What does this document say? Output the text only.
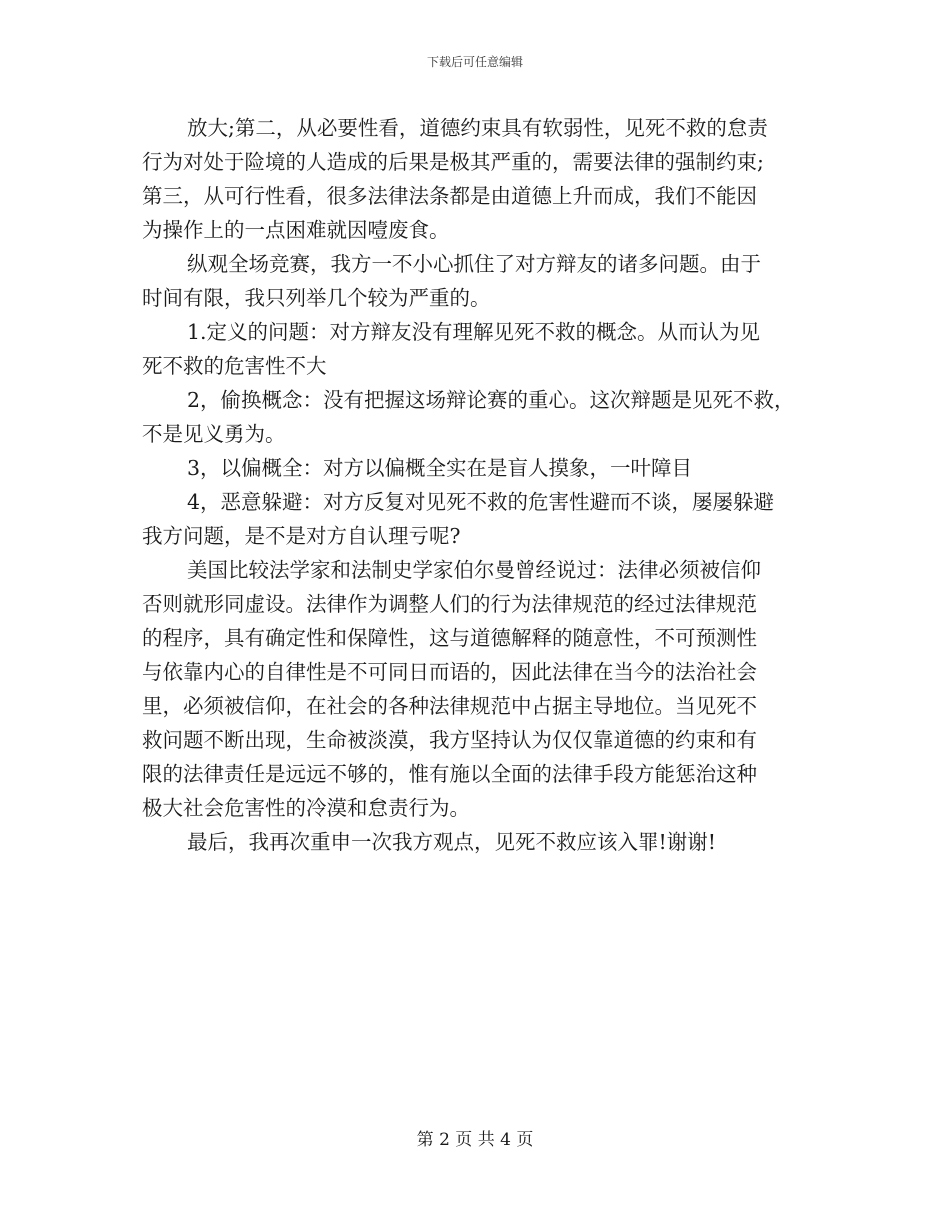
下载后可任意编辑
放大;第二，从必要性看，道德约束具有软弱性，见死不救的怠责
行为对处于险境的人造成的后果是极其严重的，需要法律的强制约束;
第三，从可行性看，很多法律法条都是由道德上升而成，我们不能因
为操作上的一点困难就因噎废食。
纵观全场竞赛，我方一不小心抓住了对方辩友的诸多问题。由于
时间有限，我只列举几个较为严重的。
1.定义的问题：对方辩友没有理解见死不救的概念。从而认为见
死不救的危害性不大
2，偷换概念：没有把握这场辩论赛的重心。这次辩题是见死不救，
不是见义勇为。
3，以偏概全：对方以偏概全实在是盲人摸象，一叶障目
4，恶意躲避：对方反复对见死不救的危害性避而不谈，屡屡躲避
我方问题，是不是对方自认理亏呢?
美国比较法学家和法制史学家伯尔曼曾经说过：法律必须被信仰
否则就形同虚设。法律作为调整人们的行为法律规范的经过法律规范
的程序，具有确定性和保障性，这与道德解释的随意性，不可预测性
与依靠内心的自律性是不可同日而语的，因此法律在当今的法治社会
里，必须被信仰，在社会的各种法律规范中占据主导地位。当见死不
救问题不断出现，生命被淡漠，我方坚持认为仅仅靠道德的约束和有
限的法律责任是远远不够的，惟有施以全面的法律手段方能惩治这种
极大社会危害性的冷漠和怠责行为。
最后，我再次重申一次我方观点，见死不救应该入罪!谢谢!
第 2 页 共 4 页
